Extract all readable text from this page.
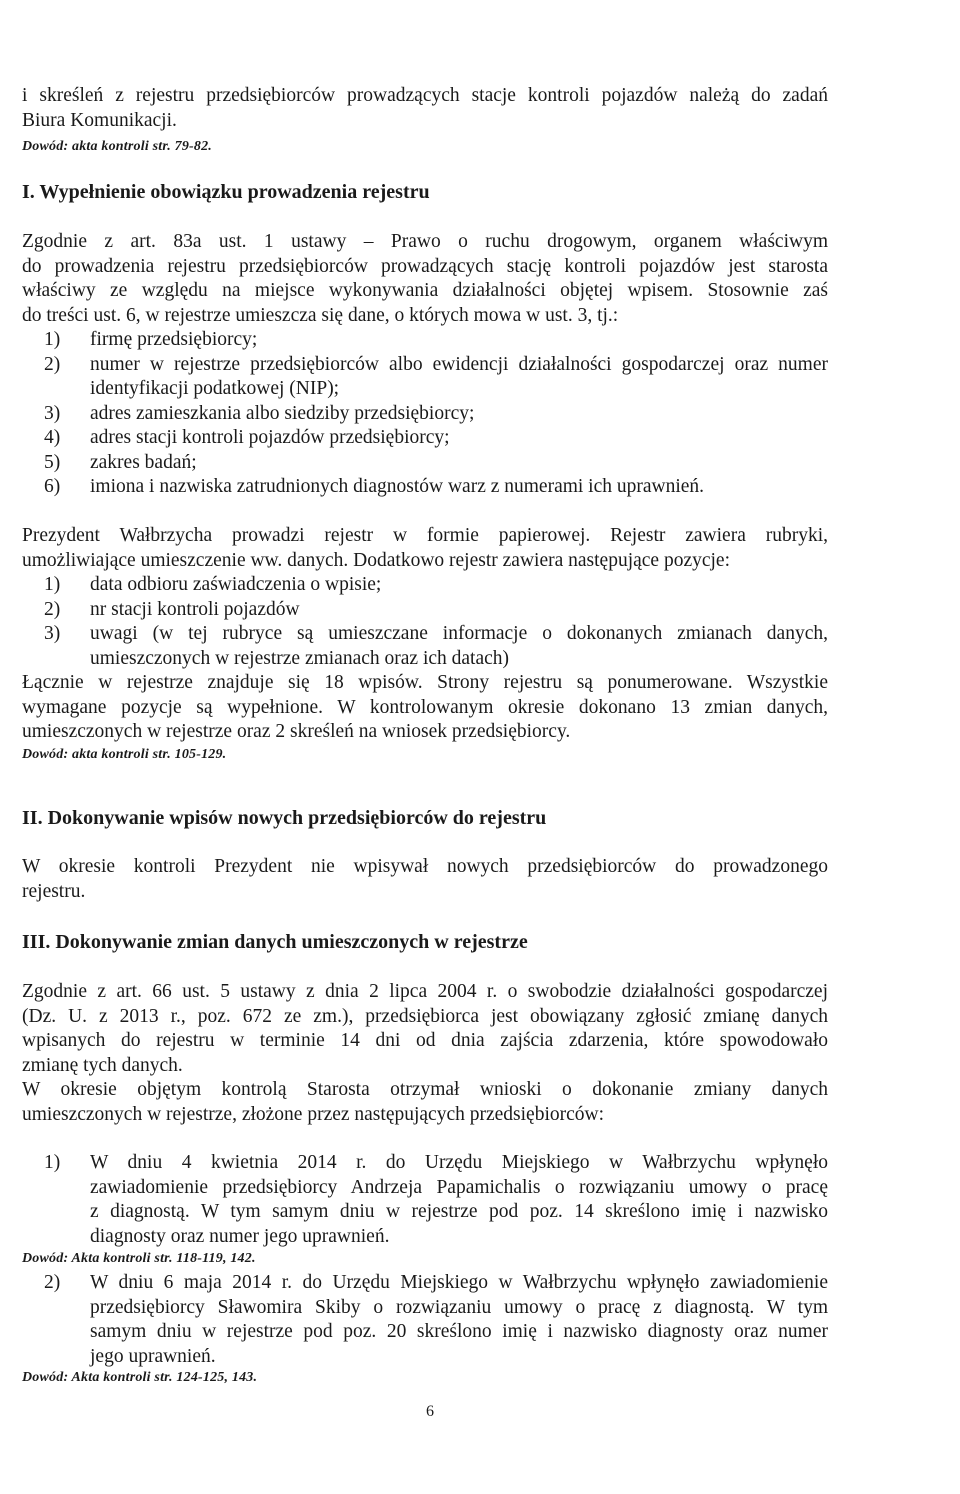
i skreśleń z rejestru przedsiębiorców prowadzących stacje kontroli pojazdów należą do zadań
Biura Komunikacji.
Dowód: akta kontroli str. 79-82.
I. Wypełnienie obowiązku prowadzenia rejestru
Zgodnie z art. 83a ust. 1 ustawy – Prawo o ruchu drogowym, organem właściwym
do prowadzenia rejestru przedsiębiorców prowadzących stację kontroli pojazdów jest starosta
właściwy ze względu na miejsce wykonywania działalności objętej wpisem. Stosownie zaś
do treści ust. 6, w rejestrze umieszcza się dane, o których mowa w ust. 3, tj.:
1) firmę przedsiębiorcy;
2) numer w rejestrze przedsiębiorców albo ewidencji działalności gospodarczej oraz numer identyfikacji podatkowej (NIP);
3) adres zamieszkania albo siedziby przedsiębiorcy;
4) adres stacji kontroli pojazdów przedsiębiorcy;
5) zakres badań;
6) imiona i nazwiska zatrudnionych diagnostów warz z numerami ich uprawnień.
Prezydent Wałbrzycha prowadzi rejestr w formie papierowej. Rejestr zawiera rubryki,
umożliwiające umieszczenie ww. danych. Dodatkowo rejestr zawiera następujące pozycje:
1) data odbioru zaświadczenia o wpisie;
2) nr stacji kontroli pojazdów
3) uwagi (w tej rubryce są umieszczane informacje o dokonanych zmianach danych, umieszczonych w rejestrze zmianach oraz ich datach)
Łącznie w rejestrze znajduje się 18 wpisów. Strony rejestru są ponumerowane. Wszystkie
wymagane pozycje są wypełnione. W kontrolowanym okresie dokonano 13 zmian danych,
umieszczonych w rejestrze oraz 2 skreśleń na wniosek przedsiębiorcy.
Dowód: akta kontroli str. 105-129.
II. Dokonywanie wpisów nowych przedsiębiorców do rejestru
W okresie kontroli Prezydent nie wpisywał nowych przedsiębiorców do prowadzonego
rejestru.
III. Dokonywanie zmian danych umieszczonych w rejestrze
Zgodnie z art. 66 ust. 5 ustawy z dnia 2 lipca 2004 r. o swobodzie działalności gospodarczej
(Dz. U. z 2013 r., poz. 672 ze zm.), przedsiębiorca jest obowiązany zgłosić zmianę danych
wpisanych do rejestru w terminie 14 dni od dnia zajścia zdarzenia, które spowodowało
zmianę tych danych.
W okresie objętym kontrolą Starosta otrzymał wnioski o dokonanie zmiany danych
umieszczonych w rejestrze, złożone przez następujących przedsiębiorców:
1) W dniu 4 kwietnia 2014 r. do Urzędu Miejskiego w Wałbrzychu wpłynęło
zawiadomienie przedsiębiorcy Andrzeja Papamichalis o rozwiązaniu umowy o pracę
z diagnostą. W tym samym dniu w rejestrze pod poz. 14 skreślono imię i nazwisko
diagnosty oraz numer jego uprawnień.
Dowód: Akta kontroli str. 118-119, 142.
2) W dniu 6 maja 2014 r. do Urzędu Miejskiego w Wałbrzychu wpłynęło zawiadomienie
przedsiębiorcy Sławomira Skiby o rozwiązaniu umowy o pracę z diagnostą. W tym
samym dniu w rejestrze pod poz. 20 skreślono imię i nazwisko diagnosty oraz numer
jego uprawnień.
Dowód: Akta kontroli str. 124-125, 143.
6
